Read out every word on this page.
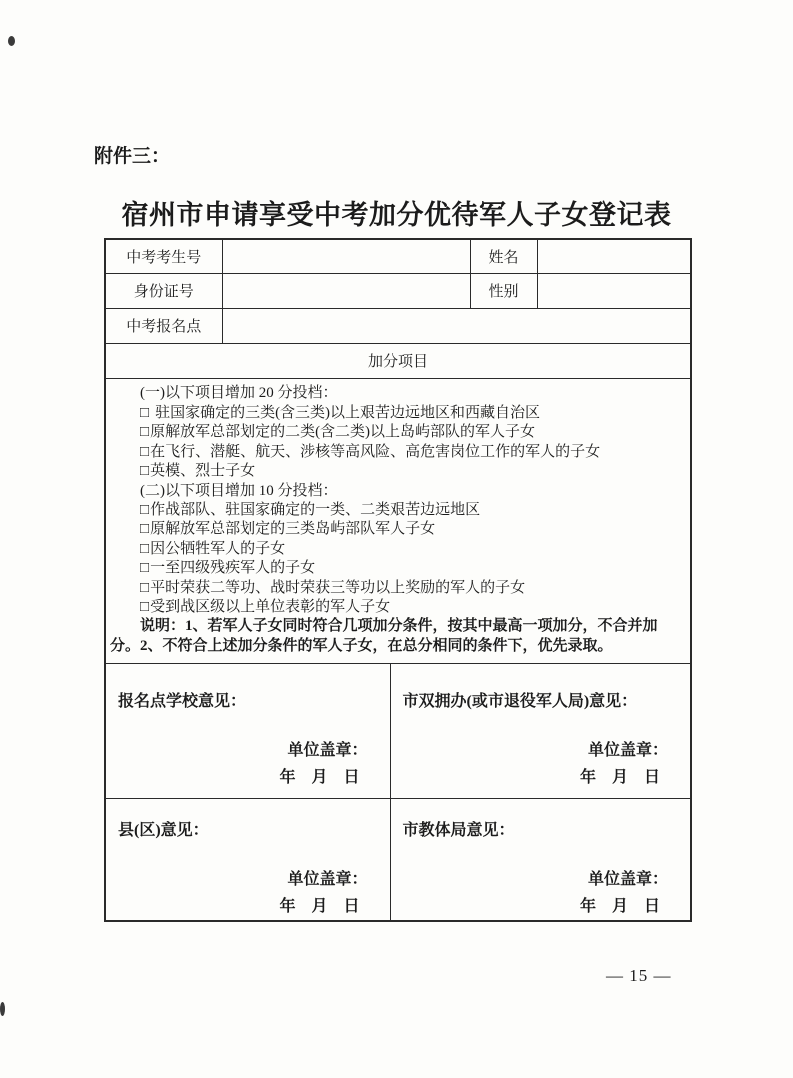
附件三：
宿州市申请享受中考加分优待军人子女登记表
中考考生号			姓名	
身份证号			性别	
中考报名点				
加分项目				

(一)以下项目增加 20 分投档：
□ 驻国家确定的三类(含三类)以上艰苦边远地区和西藏自治区
□原解放军总部划定的二类(含二类)以上岛屿部队的军人子女
□在飞行、潜艇、航天、涉核等高风险、高危害岗位工作的军人的子女
□英模、烈士子女
(二)以下项目增加 10 分投档：
□作战部队、驻国家确定的一类、二类艰苦边远地区
□原解放军总部划定的三类岛屿部队军人子女
□因公牺牲军人的子女
□一至四级残疾军人的子女
□平时荣获二等功、战时荣获三等功以上奖励的军人的子女
□受到战区级以上单位表彰的军人子女

说明：1、若军人子女同时符合几项加分条件，按其中最高一项加分，不合并加分。2、不符合上述加分条件的军人子女，在总分相同的条件下，优先录取。

报名点学校意见：
单位盖章：
年　月　日

市双拥办(或市退役军人局)意见：
单位盖章：
年　月　日

县(区)意见：
单位盖章：
年　月　日

市教体局意见：
单位盖章：
年　月　日
— 15 —
